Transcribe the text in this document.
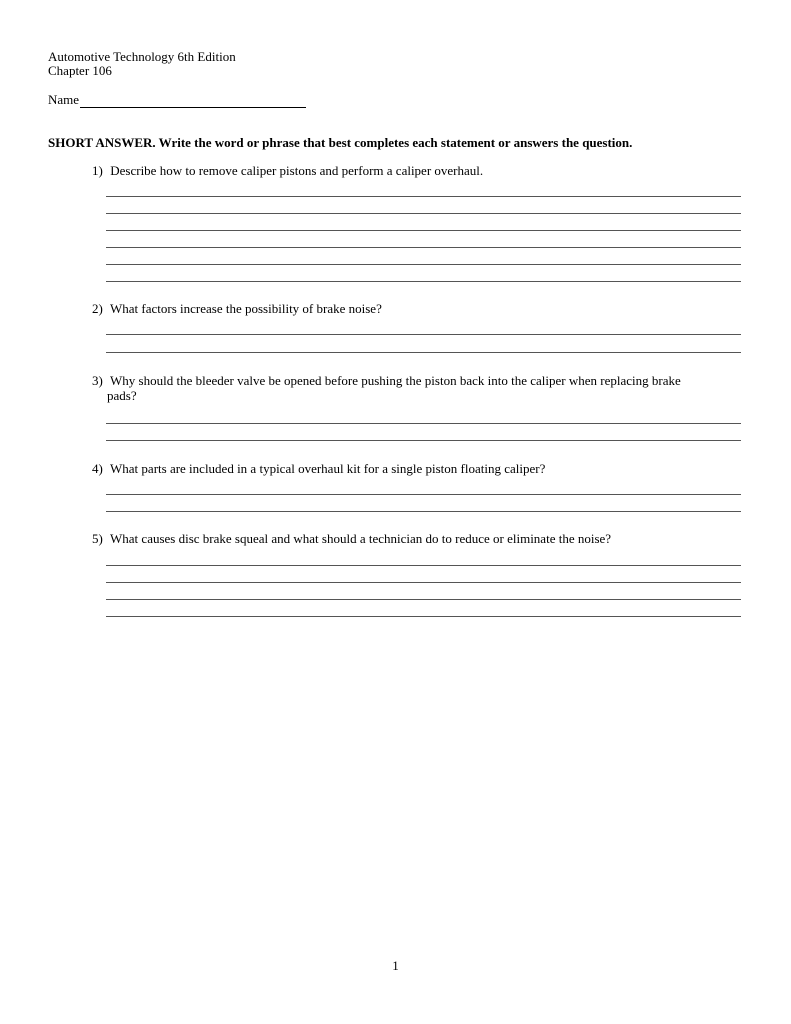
Automotive Technology 6th Edition
Chapter 106
Name
SHORT ANSWER. Write the word or phrase that best completes each statement or answers the question.
1) Describe how to remove caliper pistons and perform a caliper overhaul.
2) What factors increase the possibility of brake noise?
3) Why should the bleeder valve be opened before pushing the piston back into the caliper when replacing brake
pads?
4) What parts are included in a typical overhaul kit for a single piston floating caliper?
5) What causes disc brake squeal and what should a technician do to reduce or eliminate the noise?
1
